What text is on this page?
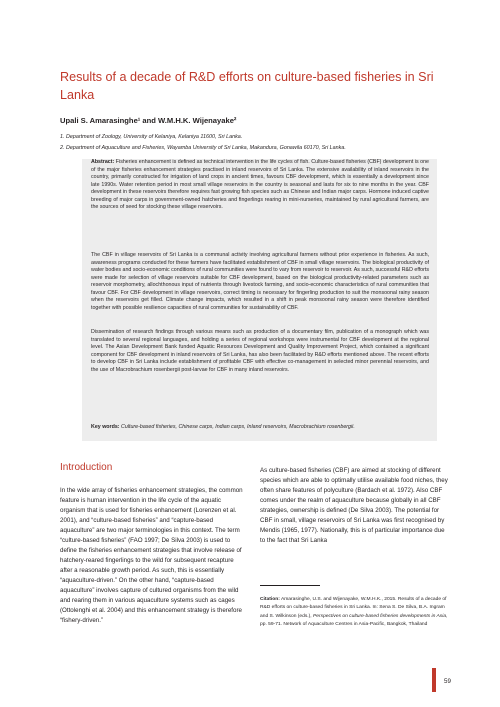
Results of a decade of R&D efforts on culture-based fisheries in Sri Lanka
Upali S. Amarasinghe¹ and W.M.H.K. Wijenayake²
1. Department of Zoology, University of Kelaniya, Kelaniya 11600, Sri Lanka.
2. Department of Aquaculture and Fisheries, Wayamba University of Sri Lanka, Makandura, Gonawila 60170, Sri Lanka.

Abstract: Fisheries enhancement is defined as technical intervention in the life cycles of fish. Culture-based fisheries (CBF) development is one of the major fisheries enhancement strategies practised in inland reservoirs of Sri Lanka. The extensive availability of inland reservoirs in the country, primarily constructed for irrigation of land crops in ancient times, favours CBF development, which is essentially a development since late 1990s. Water retention period in most small village reservoirs in the country is seasonal and lasts for six to nine months in the year. CBF development in these reservoirs therefore requires fast growing fish species such as Chinese and Indian major carps. Hormone induced captive breeding of major carps in government-owned hatcheries and fingerlings rearing in mini-nurseries, maintained by rural agricultural farmers, are the sources of seed for stocking these village reservoirs.

The CBF in village reservoirs of Sri Lanka is a communal activity involving agricultural farmers without prior experience in fisheries. As such, awareness programs conducted for these farmers have facilitated establishment of CBF in small village reservoirs. The biological productivity of water bodies and socio-economic conditions of rural communities were found to vary from reservoir to reservoir. As such, successful R&D efforts were made for selection of village reservoirs suitable for CBF development, based on the biological productivity-related parameters such as reservoir morphometry, allochthonous input of nutrients through livestock farming, and socio-economic characteristics of rural communities that favour CBF. For CBF development in village reservoirs, correct timing is necessary for fingerling production to suit the monsoonal rainy season when the reservoirs get filled. Climate change impacts, which resulted in a shift in peak monsoonal rainy season were therefore identified together with possible resilience capacities of rural communities for sustainability of CBF.

Dissemination of research findings through various means such as production of a documentary film, publication of a monograph which was translated to several regional languages, and holding a series of regional workshops were instrumental for CBF development at the regional level. The Asian Development Bank funded Aquatic Resources Development and Quality Improvement Project, which contained a significant component for CBF development in inland reservoirs of Sri Lanka, has also been facilitated by R&D efforts mentioned above. The recent efforts to develop CBF in Sri Lanka include establishment of profitable CBF with effective co-management in selected minor perennial reservoirs, and the use of Macrobrachium rosenbergii post-larvae for CBF in many inland reservoirs.

Key words: Culture-based fisheries, Chinese carps, Indian carps, Inland reservoirs, Macrobrachium rosenbergii.

Introduction

In the wide array of fisheries enhancement strategies, the common feature is human intervention in the life cycle of the aquatic organism that is used for fisheries enhancement (Lorenzen et al. 2001), and “culture-based fisheries” and “capture-based aquaculture” are two major terminologies in this context. The term “culture-based fisheries” (FAO 1997; De Silva 2003) is used to define the fisheries enhancement strategies that involve release of hatchery-reared fingerlings to the wild for subsequent recapture after a reasonable growth period. As such, this is essentially “aquaculture-driven.” On the other hand, “capture-based aquaculture” involves capture of cultured organisms from the wild and rearing them in various aquaculture systems such as cages (Ottolenghi et al. 2004) and this enhancement strategy is therefore “fishery-driven.”

As culture-based fisheries (CBF) are aimed at stocking of different species which are able to optimally utilise available food niches, they often share features of polyculture (Bardach et al. 1972). Also CBF comes under the realm of aquaculture because globally in all CBF strategies, ownership is defined (De Silva 2003). The potential for CBF in small, village reservoirs of Sri Lanka was first recognised by Mendis (1965, 1977). Nationally, this is of particular importance due to the fact that Sri Lanka

Citation: Amarasinghe, U.S. and Wijenayake, W.M.H.K., 2015. Results of a decade of R&D efforts on culture-based fisheries in Sri Lanka. In: Sena S. De Silva, B.A. Ingram and S. Wilkinson (eds.), Perspectives on culture-based fisheries developments in Asia, pp. 59-71. Network of Aquaculture Centres in Asia-Pacific, Bangkok, Thailand

59
